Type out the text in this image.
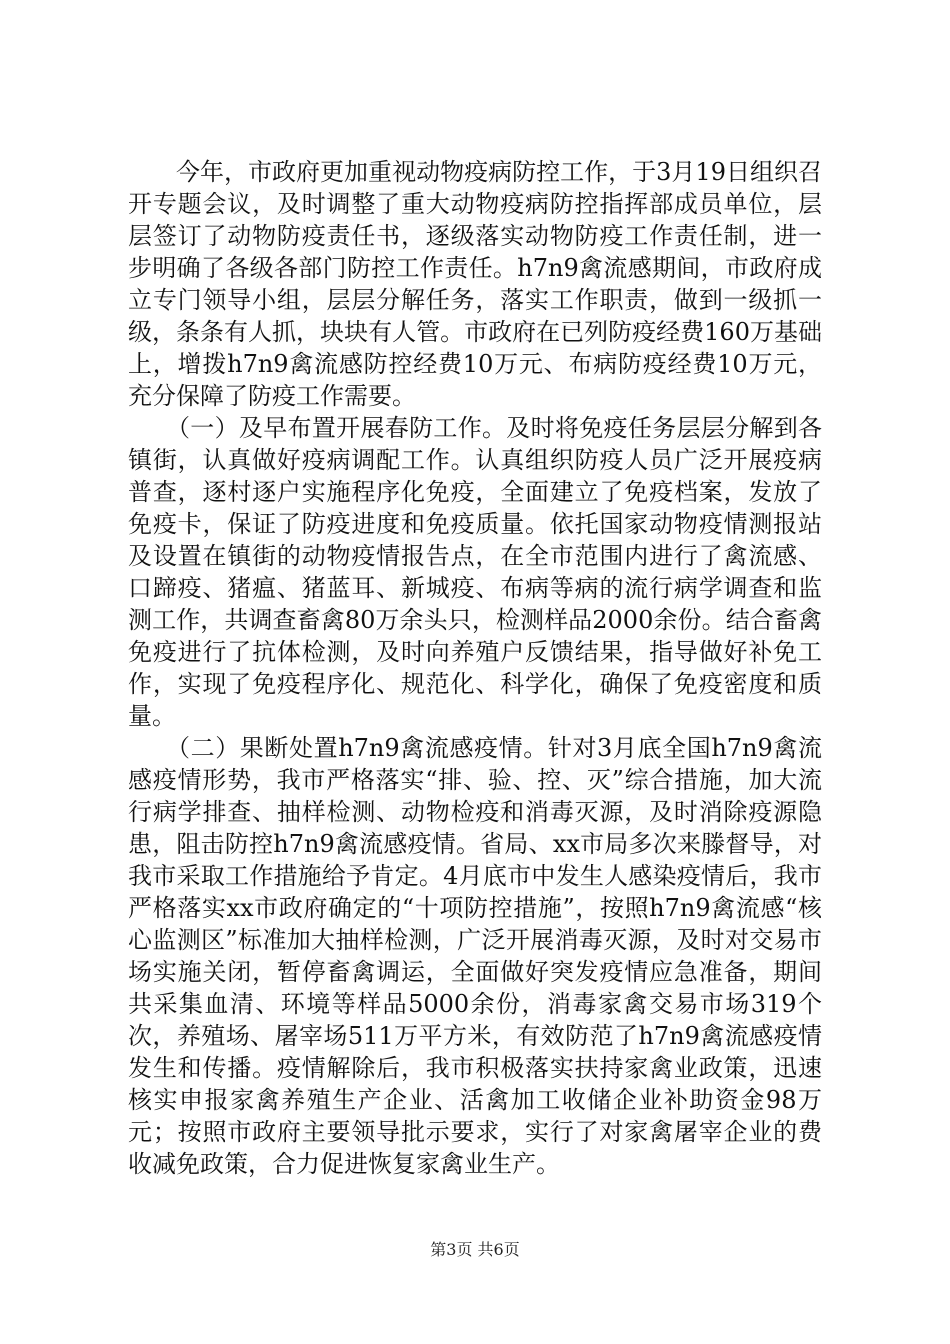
今年，市政府更加重视动物疫病防控工作，于3月19日组织召开专题会议，及时调整了重大动物疫病防控指挥部成员单位，层层签订了动物防疫责任书，逐级落实动物防疫工作责任制，进一步明确了各级各部门防控工作责任。h7n9禽流感期间，市政府成立专门领导小组，层层分解任务，落实工作职责，做到一级抓一级，条条有人抓，块块有人管。市政府在已列防疫经费160万基础上，增拨h7n9禽流感防控经费10万元、布病防疫经费10万元，充分保障了防疫工作需要。

（一）及早布置开展春防工作。及时将免疫任务层层分解到各镇街，认真做好疫病调配工作。认真组织防疫人员广泛开展疫病普查，逐村逐户实施程序化免疫，全面建立了免疫档案，发放了免疫卡，保证了防疫进度和免疫质量。依托国家动物疫情测报站及设置在镇街的动物疫情报告点，在全市范围内进行了禽流感、口蹄疫、猪瘟、猪蓝耳、新城疫、布病等病的流行病学调查和监测工作，共调查畜禽80万余头只，检测样品2000余份。结合畜禽免疫进行了抗体检测，及时向养殖户反馈结果，指导做好补免工作，实现了免疫程序化、规范化、科学化，确保了免疫密度和质量。

（二）果断处置h7n9禽流感疫情。针对3月底全国h7n9禽流感疫情形势，我市严格落实“排、验、控、灭”综合措施，加大流行病学排查、抽样检测、动物检疫和消毒灭源，及时消除疫源隐患，阻击防控h7n9禽流感疫情。省局、xx市局多次来滕督导，对我市采取工作措施给予肯定。4月底市中发生人感染疫情后，我市严格落实xx市政府确定的“十项防控措施”，按照h7n9禽流感“核心监测区”标准加大抽样检测，广泛开展消毒灭源，及时对交易市场实施关闭，暂停畜禽调运，全面做好突发疫情应急准备，期间共采集血清、环境等样品5000余份，消毒家禽交易市场319个次，养殖场、屠宰场511万平方米，有效防范了h7n9禽流感疫情发生和传播。疫情解除后，我市积极落实扶持家禽业政策，迅速核实申报家禽养殖生产企业、活禽加工收储企业补助资金98万元；按照市政府主要领导批示要求，实行了对家禽屠宰企业的费收减免政策，合力促进恢复家禽业生产。

第3页 共6页
